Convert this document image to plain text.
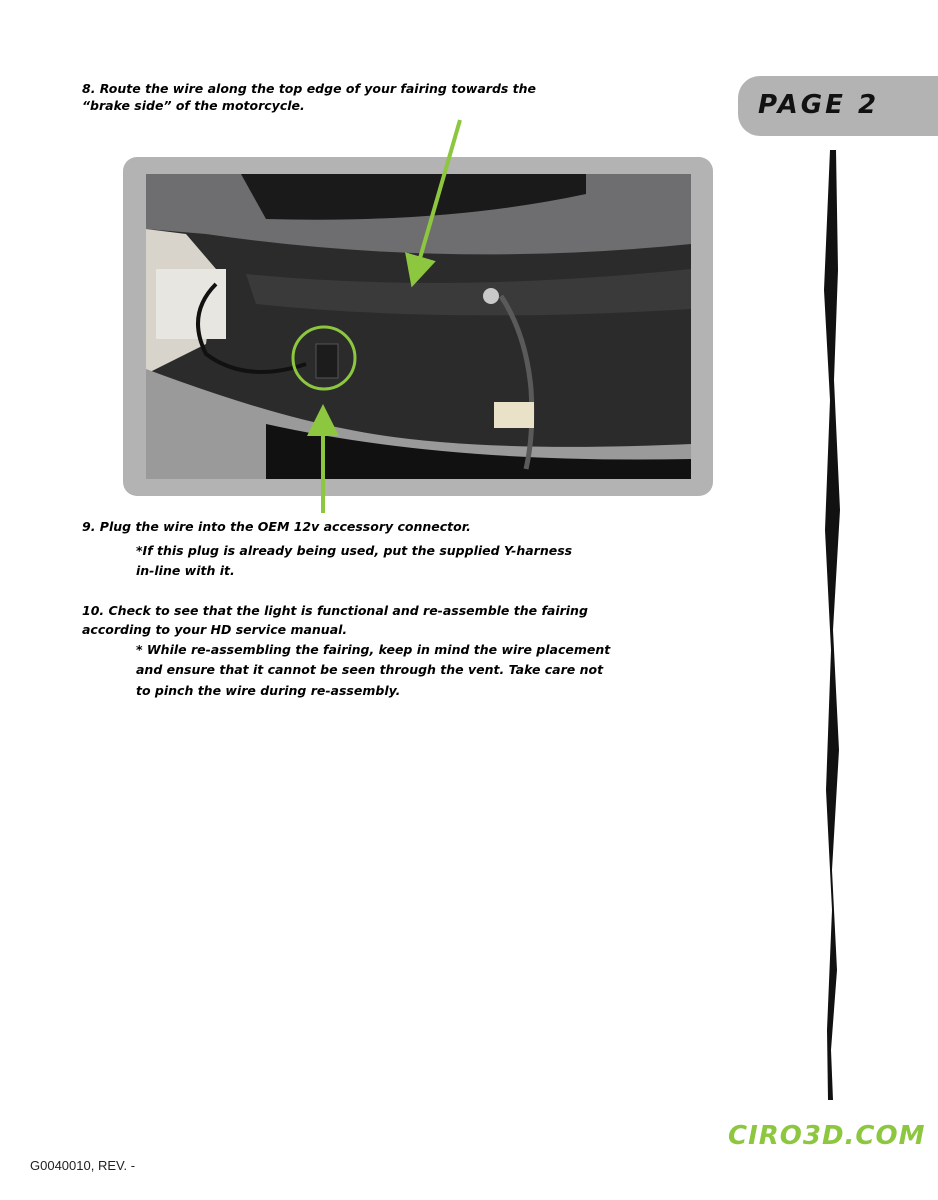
8. Route the wire along the top edge of your fairing towards the

“brake side” of the motorcycle.	PAGE 2

9. Plug the wire into the OEM 12v accessory connector.

*If this plug is already being used, put the supplied Y-harness

in-line with it.

10. Check to see that the light is functional and re-assemble the fairing

according to your HD service manual.

* While re-assembling the fairing, keep in mind the wire placement

and ensure that it cannot be seen through the vent. Take care not

to pinch the wire during re-assembly.

CIRO3D.COM
G0040010, REV. -
